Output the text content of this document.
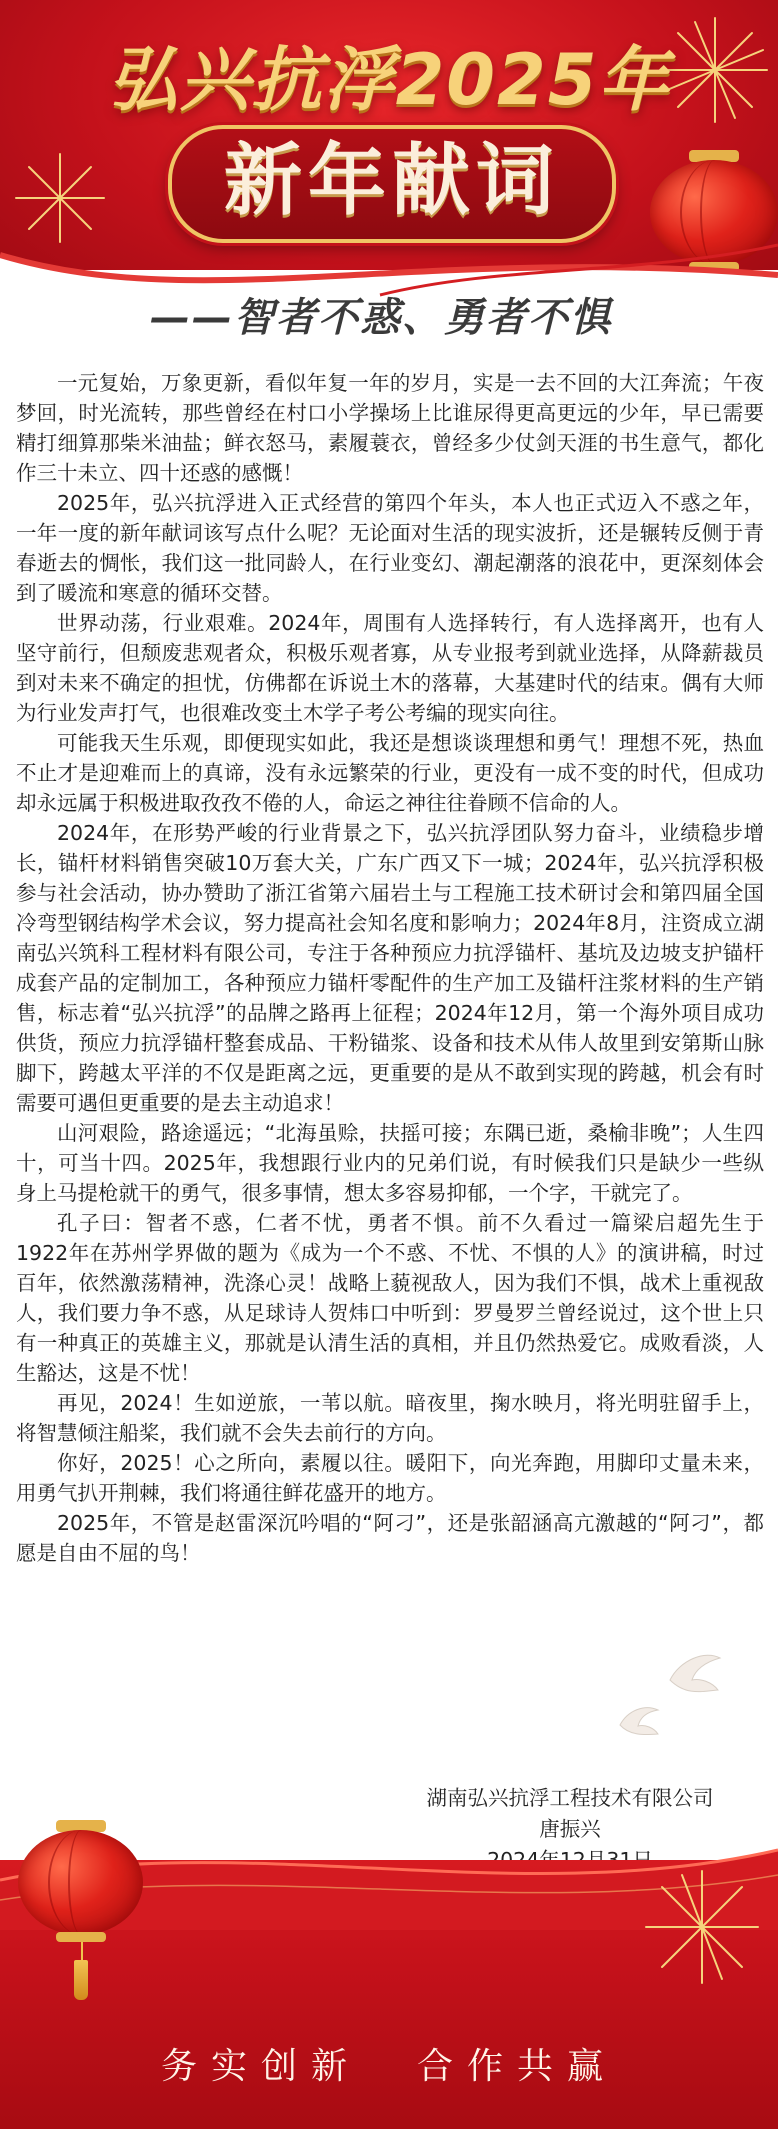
弘兴抗浮2025年
新年献词
——智者不惑、勇者不惧

一元复始，万象更新，看似年复一年的岁月，实是一去不回的大江奔流；午夜梦回，时光流转，那些曾经在村口小学操场上比谁尿得更高更远的少年，早已需要精打细算那柴米油盐；鲜衣怒马，素履蓑衣，曾经多少仗剑天涯的书生意气，都化作三十未立、四十还惑的感慨！

2025年，弘兴抗浮进入正式经营的第四个年头，本人也正式迈入不惑之年，一年一度的新年献词该写点什么呢？无论面对生活的现实波折，还是辗转反侧于青春逝去的惆怅，我们这一批同龄人，在行业变幻、潮起潮落的浪花中，更深刻体会到了暖流和寒意的循环交替。

世界动荡，行业艰难。2024年，周围有人选择转行，有人选择离开，也有人坚守前行，但颓废悲观者众，积极乐观者寡，从专业报考到就业选择，从降薪裁员到对未来不确定的担忧，仿佛都在诉说土木的落幕，大基建时代的结束。偶有大师为行业发声打气，也很难改变土木学子考公考编的现实向往。

可能我天生乐观，即便现实如此，我还是想谈谈理想和勇气！理想不死，热血不止才是迎难而上的真谛，没有永远繁荣的行业，更没有一成不变的时代，但成功却永远属于积极进取孜孜不倦的人，命运之神往往眷顾不信命的人。

2024年，在形势严峻的行业背景之下，弘兴抗浮团队努力奋斗，业绩稳步增长，锚杆材料销售突破10万套大关，广东广西又下一城；2024年，弘兴抗浮积极参与社会活动，协办赞助了浙江省第六届岩土与工程施工技术研讨会和第四届全国冷弯型钢结构学术会议，努力提高社会知名度和影响力；2024年8月，注资成立湖南弘兴筑科工程材料有限公司，专注于各种预应力抗浮锚杆、基坑及边坡支护锚杆成套产品的定制加工，各种预应力锚杆零配件的生产加工及锚杆注浆材料的生产销售，标志着“弘兴抗浮”的品牌之路再上征程；2024年12月，第一个海外项目成功供货，预应力抗浮锚杆整套成品、干粉锚浆、设备和技术从伟人故里到安第斯山脉脚下，跨越太平洋的不仅是距离之远，更重要的是从不敢到实现的跨越，机会有时需要可遇但更重要的是去主动追求！

山河艰险，路途遥远；“北海虽赊，扶摇可接；东隅已逝，桑榆非晚”；人生四十，可当十四。2025年，我想跟行业内的兄弟们说，有时候我们只是缺少一些纵身上马提枪就干的勇气，很多事情，想太多容易抑郁，一个字，干就完了。

孔子曰：智者不惑，仁者不忧，勇者不惧。前不久看过一篇梁启超先生于1922年在苏州学界做的题为《成为一个不惑、不忧、不惧的人》的演讲稿，时过百年，依然激荡精神，洗涤心灵！战略上藐视敌人，因为我们不惧，战术上重视敌人，我们要力争不惑，从足球诗人贺炜口中听到：罗曼罗兰曾经说过，这个世上只有一种真正的英雄主义，那就是认清生活的真相，并且仍然热爱它。成败看淡，人生豁达，这是不忧！

再见，2024！生如逆旅，一苇以航。暗夜里，掬水映月，将光明驻留手上，将智慧倾注船桨，我们就不会失去前行的方向。

你好，2025！心之所向，素履以往。暖阳下，向光奔跑，用脚印丈量未来，用勇气扒开荆棘，我们将通往鲜花盛开的地方。

2025年，不管是赵雷深沉吟唱的“阿刁”，还是张韶涵高亢激越的“阿刁”，都愿是自由不屈的鸟！

湖南弘兴抗浮工程技术有限公司
唐振兴
务实创新 合作共赢
